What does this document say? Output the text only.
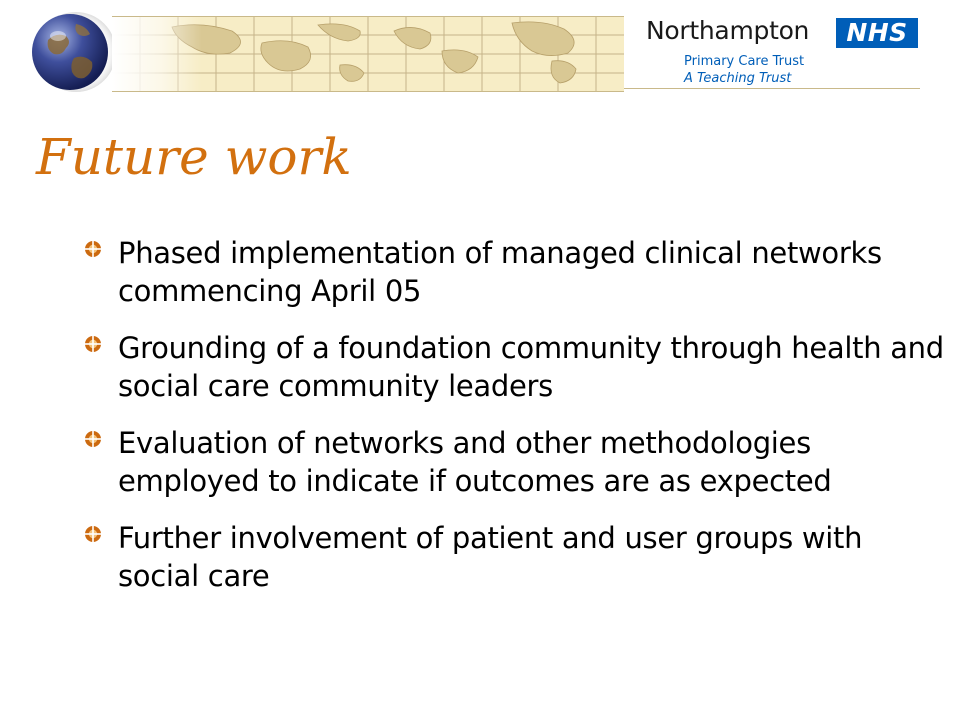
Northampton	NHS
Primary Care Trust
A Teaching Trust
Future work
Phased implementation of managed clinical networks commencing April 05
Grounding of a foundation community through health and social care community leaders
Evaluation of networks and other methodologies employed to indicate if outcomes are as expected
Further involvement of patient and user groups with social care
